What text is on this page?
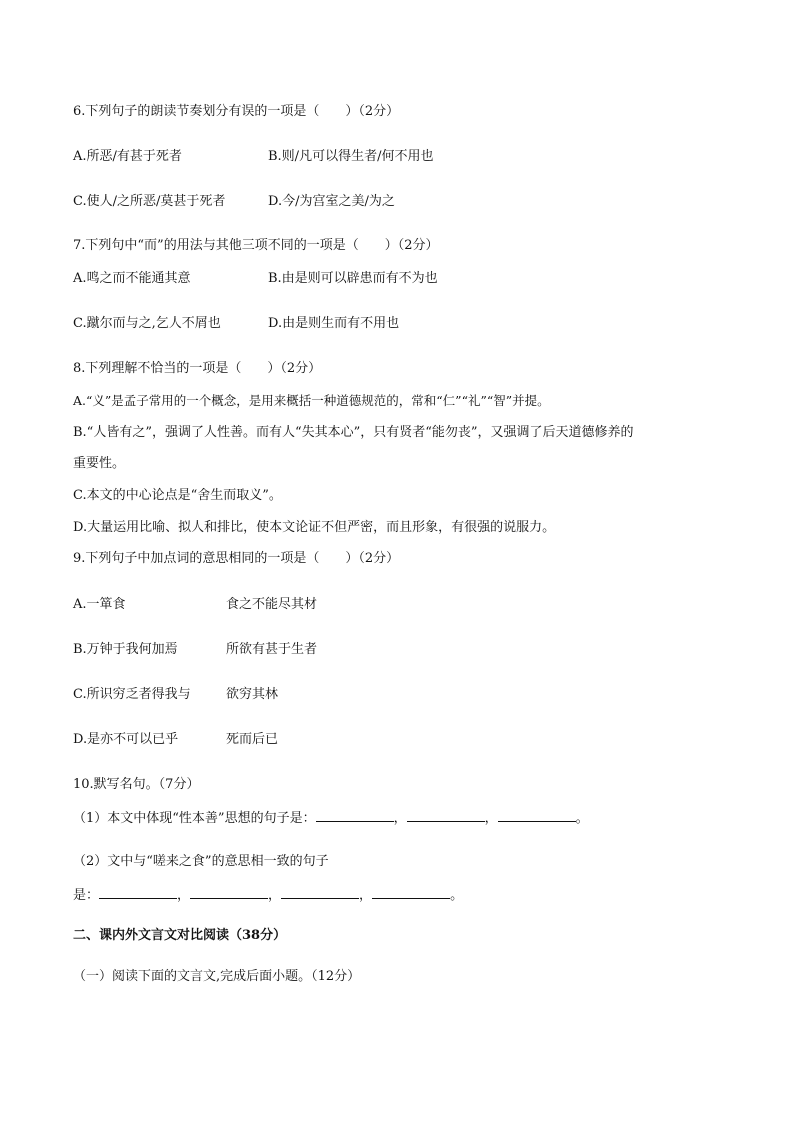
6.下列句子的朗读节奏划分有误的一项是（　　）（2分）
A.所恶/有甚于死者	B.则/凡可以得生者/何不用也
C.使人/之所恶/莫甚于死者	D.今/为宫室之美/为之
7.下列句中“而”的用法与其他三项不同的一项是（　　）（2分）
A.鸣之而不能通其意	B.由是则可以辟患而有不为也
C.蹴尔而与之,乞人不屑也	D.由是则生而有不用也
8.下列理解不恰当的一项是（　　）（2分）
A.“义”是孟子常用的一个概念，是用来概括一种道德规范的，常和“仁”“礼”“智”并提。
B.“人皆有之”，强调了人性善。而有人“失其本心”，只有贤者“能勿丧”，又强调了后天道德修养的
重要性。
C.本文的中心论点是“舍生而取义”。
D.大量运用比喻、拟人和排比，使本文论证不但严密，而且形象，有很强的说服力。
9.下列句子中加点词的意思相同的一项是（　　）（2分）
A.一箪食	食之不能尽其材
B.万钟于我何加焉	所欲有甚于生者
C.所识穷乏者得我与	欲穷其林
D.是亦不可以已乎	死而后已
10.默写名句。（7分）
（1）本文中体现“性本善”思想的句子是：	，	，	。
（2）文中与“嗟来之食”的意思相一致的句子
是：	，	，	，	。
二、课内外文言文对比阅读（38分）
（一）阅读下面的文言文,完成后面小题。（12分）
